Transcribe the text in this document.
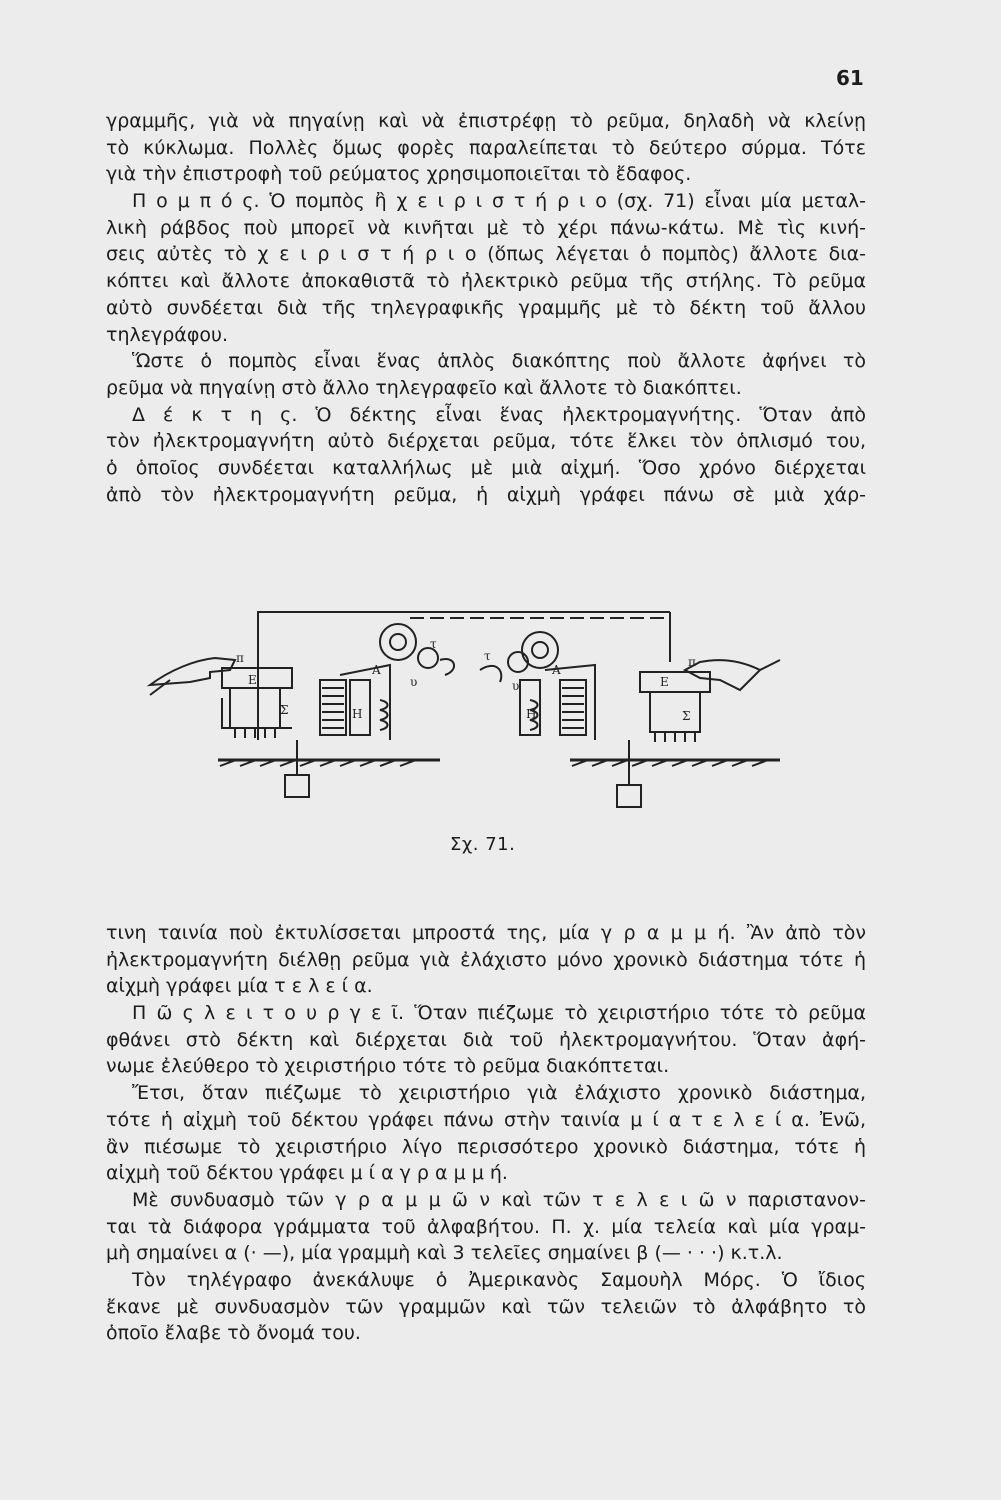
61
γραμμῆς, γιὰ νὰ πηγαίνῃ καὶ νὰ ἐπιστρέφῃ τὸ ρεῦμα, δηλαδὴ νὰ κλείνῃ
τὸ κύκλωμα. Πολλὲς ὅμως φορὲς παραλείπεται τὸ δεύτερο σύρμα. Τότε
γιὰ τὴν ἐπιστροφὴ τοῦ ρεύματος χρησιμοποιεῖται τὸ ἔδαφος.
Π ο μ π ό ς. Ὁ πομπὸς ἢ χ ε ι ρ ι σ τ ή ρ ι ο (σχ. 71) εἶναι μία μεταλ-
λικὴ ράβδος ποὺ μπορεῖ νὰ κινῆται μὲ τὸ χέρι πάνω-κάτω. Μὲ τὶς κινή-
σεις αὐτὲς τὸ χ ε ι ρ ι σ τ ή ρ ι ο (ὅπως λέγεται ὁ πομπὸς) ἄλλοτε δια-
κόπτει καὶ ἄλλοτε ἀποκαθιστᾶ τὸ ἠλεκτρικὸ ρεῦμα τῆς στήλης. Τὸ ρεῦμα
αὐτὸ συνδέεται διὰ τῆς τηλεγραφικῆς γραμμῆς μὲ τὸ δέκτη τοῦ ἄλλου
τηλεγράφου.
Ὥστε ὁ πομπὸς εἶναι ἕνας ἁπλὸς διακόπτης ποὺ ἄλλοτε ἀφήνει τὸ
ρεῦμα νὰ πηγαίνῃ στὸ ἄλλο τηλεγραφεῖο καὶ ἄλλοτε τὸ διακόπτει.
Δ έ κ τ η ς. Ὁ δέκτης εἶναι ἕνας ἠλεκτρομαγνήτης. Ὅταν ἀπὸ
τὸν ἠλεκτρομαγνήτη αὐτὸ διέρχεται ρεῦμα, τότε ἕλκει τὸν ὁπλισμό του,
ὁ ὁποῖος συνδέεται καταλλήλως μὲ μιὰ αἰχμή. Ὅσο χρόνο διέρχεται
ἀπὸ τὸν ἠλεκτρομαγνήτη ρεῦμα, ἡ αἰχμὴ γράφει πάνω σὲ μιὰ χάρ-
π
Ε
Σ	Η
Α
υ
τ
τ
υ
Α
Η
π
Ε
Σ
Σχ. 71.
τινη ταινία ποὺ ἐκτυλίσσεται μπροστά της, μία γ ρ α μ μ ή. Ἂν ἀπὸ τὸν
ἠλεκτρομαγνήτη διέλθῃ ρεῦμα γιὰ ἐλάχιστο μόνο χρονικὸ διάστημα τότε ἡ
αἰχμὴ γράφει μία τ ε λ ε ί α.
Π ῶ ς λ ε ι τ ο υ ρ γ ε ῖ. Ὅταν πιέζωμε τὸ χειριστήριο τότε τὸ ρεῦμα
φθάνει στὸ δέκτη καὶ διέρχεται διὰ τοῦ ἠλεκτρομαγνήτου. Ὅταν ἀφή-
νωμε ἐλεύθερο τὸ χειριστήριο τότε τὸ ρεῦμα διακόπτεται.
Ἔτσι, ὅταν πιέζωμε τὸ χειριστήριο γιὰ ἐλάχιστο χρονικὸ διάστημα,
τότε ἡ αἰχμὴ τοῦ δέκτου γράφει πάνω στὴν ταινία μ ί α τ ε λ ε ί α. Ἐνῶ,
ἂν πιέσωμε τὸ χειριστήριο λίγο περισσότερο χρονικὸ διάστημα, τότε ἡ
αἰχμὴ τοῦ δέκτου γράφει μ ί α γ ρ α μ μ ή.
Μὲ συνδυασμὸ τῶν γ ρ α μ μ ῶ ν καὶ τῶν τ ε λ ε ι ῶ ν παριστανον-
ται τὰ διάφορα γράμματα τοῦ ἀλφαβήτου. Π. χ. μία τελεία καὶ μία γραμ-
μὴ σημαίνει α (· —), μία γραμμὴ καὶ 3 τελεῖες σημαίνει β (— · · ·) κ.τ.λ.
Τὸν τηλέγραφο ἀνεκάλυψε ὁ Ἀμερικανὸς Σαμουὴλ Μόρς. Ὁ ἴδιος
ἔκανε μὲ συνδυασμὸν τῶν γραμμῶν καὶ τῶν τελειῶν τὸ ἀλφάβητο τὸ
ὁποῖο ἔλαβε τὸ ὄνομά του.
